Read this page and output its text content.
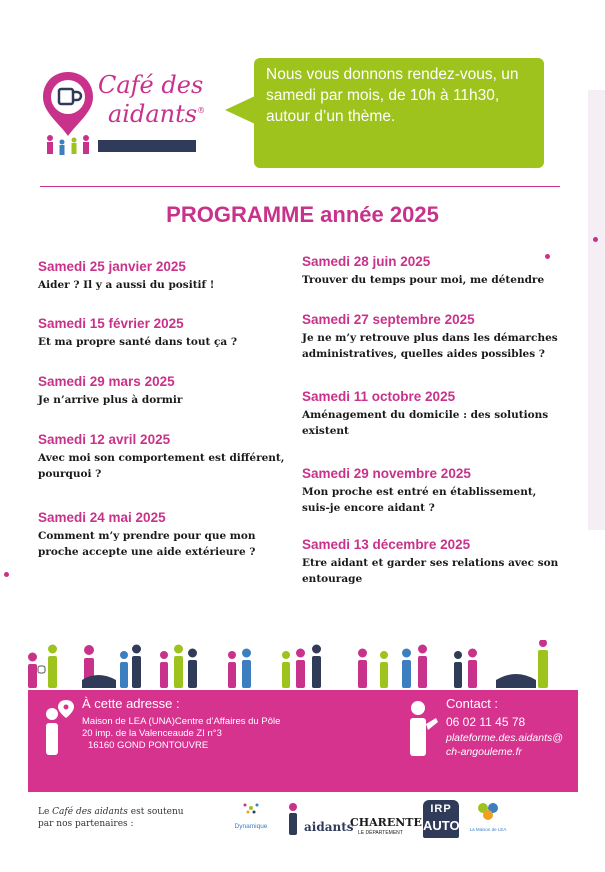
Café des
aidants®
Nous vous donnons rendez-vous, un samedi par mois, de 10h à 11h30, autour d’un thème.
PROGRAMME année 2025
Samedi 25 janvier 2025
Aider ? Il y a aussi du positif !
Samedi 15 février 2025
Et ma propre santé dans tout ça ?
Samedi 29 mars 2025
Je n’arrive plus à dormir
Samedi 12 avril 2025
Avec moi son comportement est différent, pourquoi ?
Samedi 24 mai 2025
Comment m’y prendre pour que mon proche accepte une aide extérieure ?
Samedi 28 juin 2025
Trouver du temps pour moi, me détendre
Samedi 27 septembre 2025
Je ne m’y retrouve plus dans les démarches administratives, quelles aides possibles ?
Samedi 11 octobre 2025
Aménagement du domicile : des solutions existent
Samedi 29 novembre 2025
Mon proche est entré en établissement, suis-je encore aidant ?
Samedi 13 décembre 2025
Etre aidant et garder ses relations avec son entourage
À cette adresse :
Maison de LEA (UNA)Centre d’Affaires du Pôle
20 imp. de la Valenceaude ZI n°3
16160 GOND PONTOUVRE
Contact :
06 02 11 45 78
plateforme.des.aidants@
ch-angouleme.fr
Le Café des aidants est soutenu
par nos partenaires :	Dynamique	aidants
CHARENTE
LE DÉPARTEMENT
IRP
AUTO	La Maison de LEA
